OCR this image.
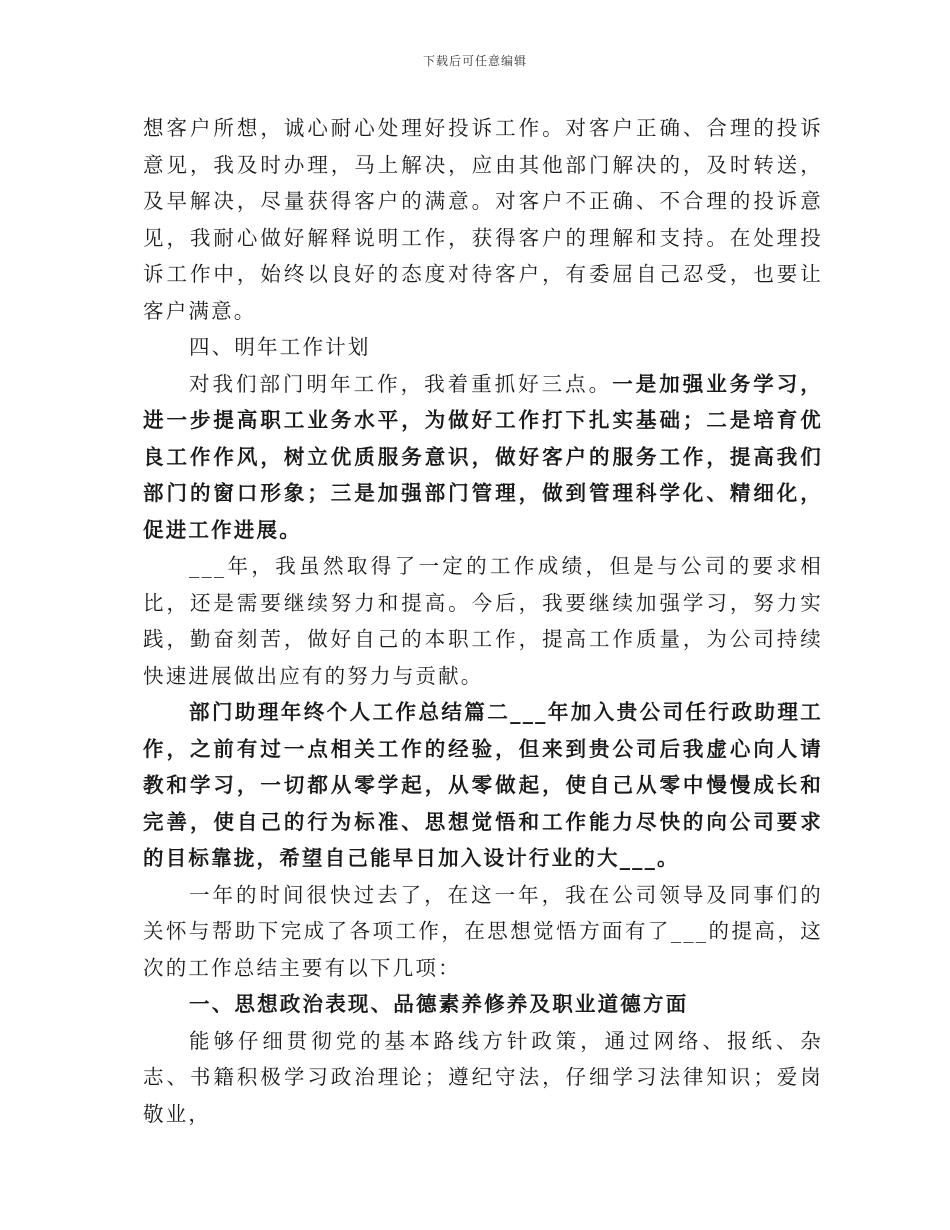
下载后可任意编辑

想客户所想，诚心耐心处理好投诉工作。对客户正确、合理的投诉意见，我及时办理，马上解决，应由其他部门解决的，及时转送，及早解决，尽量获得客户的满意。对客户不正确、不合理的投诉意见，我耐心做好解释说明工作，获得客户的理解和支持。在处理投诉工作中，始终以良好的态度对待客户，有委屈自己忍受，也要让客户满意。

四、明年工作计划

对我们部门明年工作，我着重抓好三点。一是加强业务学习，进一步提高职工业务水平，为做好工作打下扎实基础；二是培育优良工作作风，树立优质服务意识，做好客户的服务工作，提高我们部门的窗口形象；三是加强部门管理，做到管理科学化、精细化，促进工作进展。

___年，我虽然取得了一定的工作成绩，但是与公司的要求相比，还是需要继续努力和提高。今后，我要继续加强学习，努力实践，勤奋刻苦，做好自己的本职工作，提高工作质量，为公司持续快速进展做出应有的努力与贡献。

部门助理年终个人工作总结篇二___年加入贵公司任行政助理工作，之前有过一点相关工作的经验，但来到贵公司后我虚心向人请教和学习，一切都从零学起，从零做起，使自己从零中慢慢成长和完善，使自己的行为标准、思想觉悟和工作能力尽快的向公司要求的目标靠拢，希望自己能早日加入设计行业的大___。

一年的时间很快过去了，在这一年，我在公司领导及同事们的关怀与帮助下完成了各项工作，在思想觉悟方面有了___的提高，这次的工作总结主要有以下几项：

一、思想政治表现、品德素养修养及职业道德方面

能够仔细贯彻党的基本路线方针政策，通过网络、报纸、杂志、书籍积极学习政治理论；遵纪守法，仔细学习法律知识；爱岗敬业，
